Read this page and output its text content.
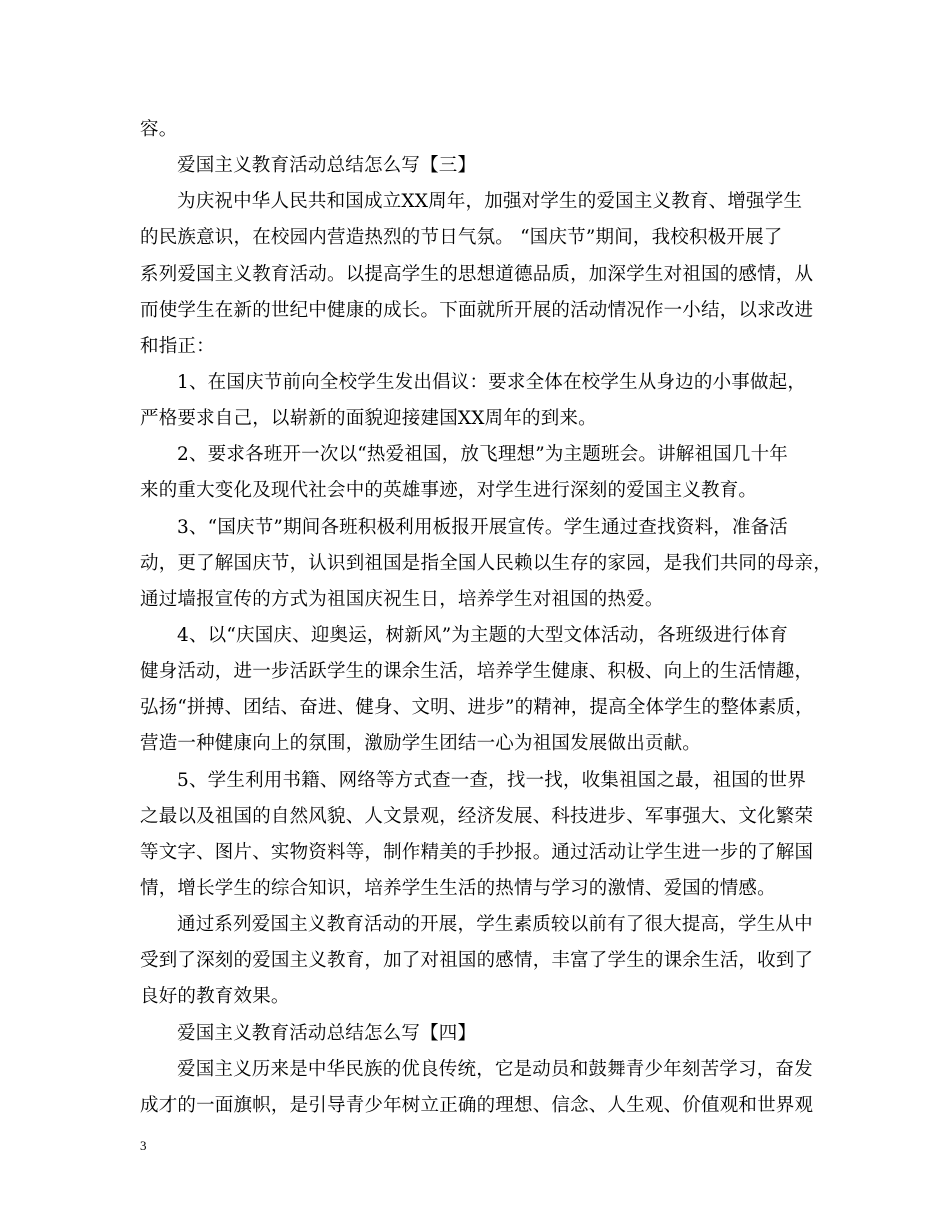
容。
爱国主义教育活动总结怎么写【三】
为庆祝中华人民共和国成立XX周年，加强对学生的爱国主义教育、增强学生
的民族意识，在校园内营造热烈的节日气氛。 “国庆节”期间，我校积极开展了
系列爱国主义教育活动。以提高学生的思想道德品质，加深学生对祖国的感情，从
而使学生在新的世纪中健康的成长。下面就所开展的活动情况作一小结，以求改进
和指正：
1、在国庆节前向全校学生发出倡议：要求全体在校学生从身边的小事做起，
严格要求自己，以崭新的面貌迎接建国XX周年的到来。
2、要求各班开一次以“热爱祖国，放飞理想”为主题班会。讲解祖国几十年
来的重大变化及现代社会中的英雄事迹，对学生进行深刻的爱国主义教育。
3、“国庆节”期间各班积极利用板报开展宣传。学生通过查找资料，准备活
动，更了解国庆节，认识到祖国是指全国人民赖以生存的家园，是我们共同的母亲，
通过墙报宣传的方式为祖国庆祝生日，培养学生对祖国的热爱。
4、以“庆国庆、迎奥运，树新风”为主题的大型文体活动，各班级进行体育
健身活动，进一步活跃学生的课余生活，培养学生健康、积极、向上的生活情趣，
弘扬“拼搏、团结、奋进、健身、文明、进步”的精神，提高全体学生的整体素质，
营造一种健康向上的氛围，激励学生团结一心为祖国发展做出贡献。
5、学生利用书籍、网络等方式查一查，找一找，收集祖国之最，祖国的世界
之最以及祖国的自然风貌、人文景观，经济发展、科技进步、军事强大、文化繁荣
等文字、图片、实物资料等，制作精美的手抄报。通过活动让学生进一步的了解国
情，增长学生的综合知识，培养学生生活的热情与学习的激情、爱国的情感。
通过系列爱国主义教育活动的开展，学生素质较以前有了很大提高，学生从中
受到了深刻的爱国主义教育，加了对祖国的感情，丰富了学生的课余生活，收到了
良好的教育效果。
爱国主义教育活动总结怎么写【四】
爱国主义历来是中华民族的优良传统，它是动员和鼓舞青少年刻苦学习，奋发
成才的一面旗帜，是引导青少年树立正确的理想、信念、人生观、价值观和世界观
3
